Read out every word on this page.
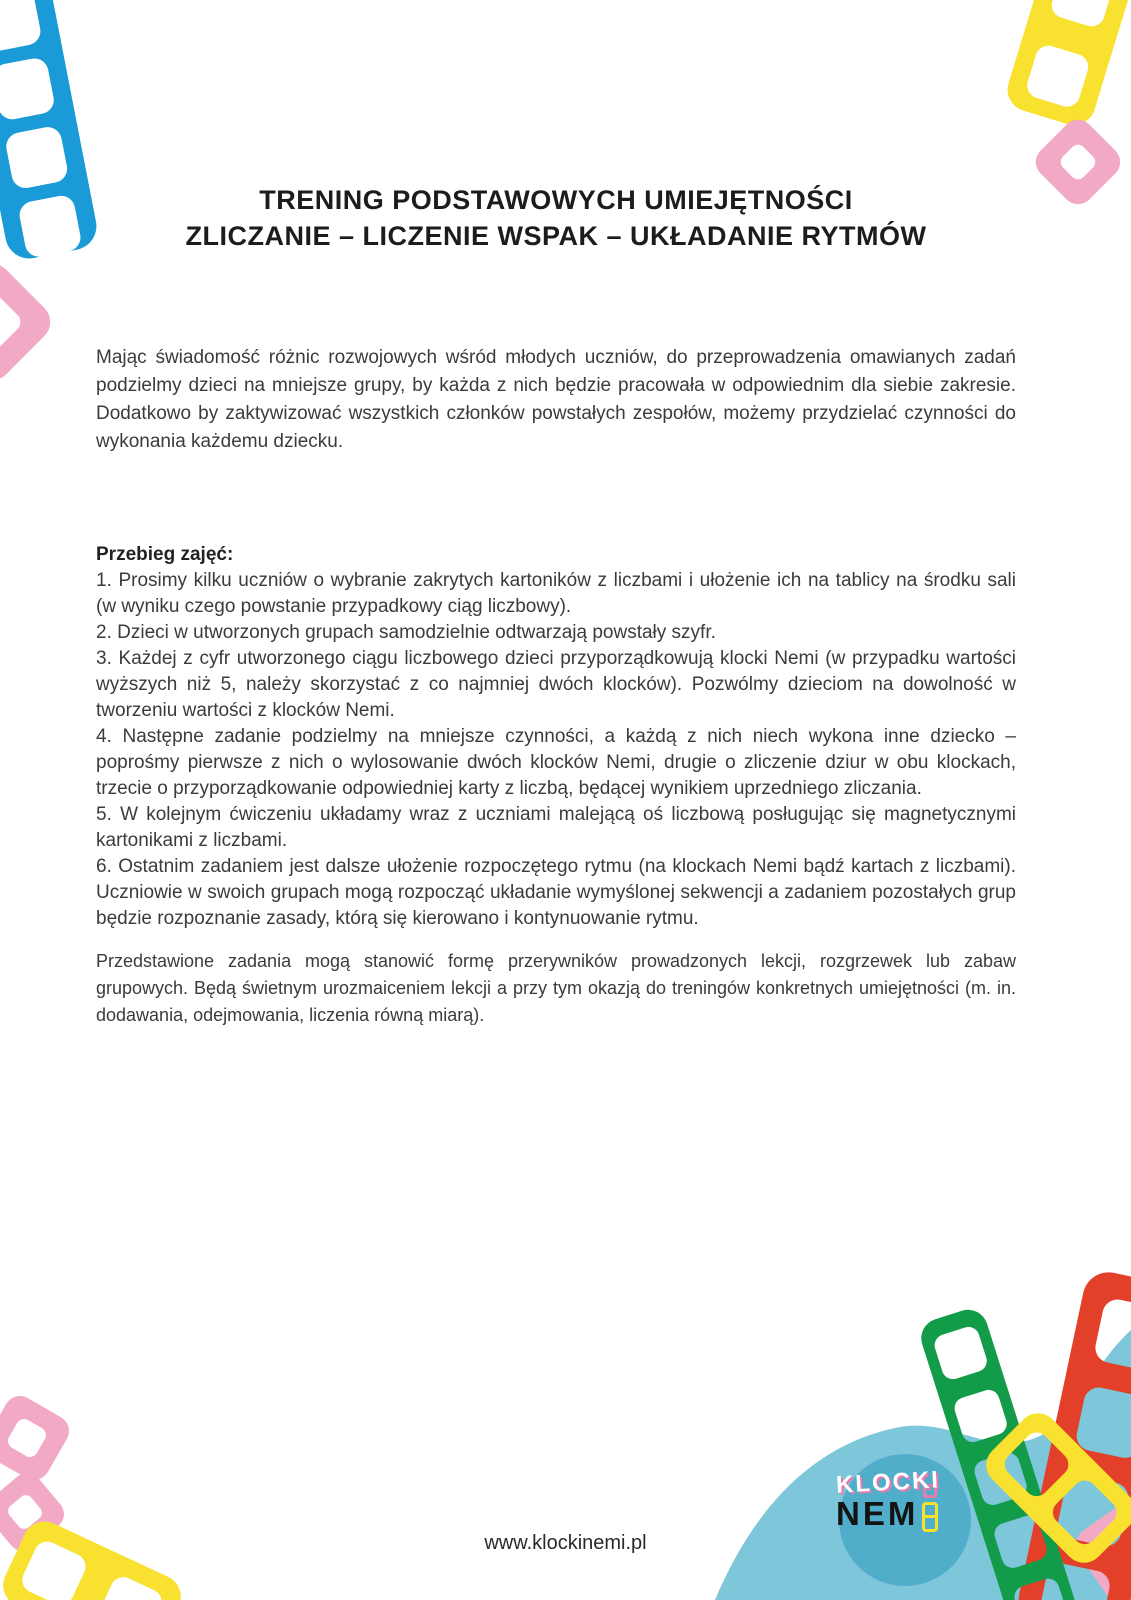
KLOCKI
NEM
TRENING PODSTAWOWYCH UMIEJĘTNOŚCI
ZLICZANIE – LICZENIE WSPAK – UKŁADANIE RYTMÓW

Mając świadomość różnic rozwojowych wśród młodych uczniów, do przeprowadzenia omawianych zadań podzielmy dzieci na mniejsze grupy, by każda z nich będzie pracowała w odpowiednim dla siebie zakresie. Dodatkowo by zaktywizować wszystkich członków powstałych zespołów, możemy przydzielać czynności do wykonania każdemu dziecku.

Przebieg zajęć:

1. Prosimy kilku uczniów o wybranie zakrytych kartoników z liczbami i ułożenie ich na tablicy na środku sali (w wyniku czego powstanie przypadkowy ciąg liczbowy).

2. Dzieci w utworzonych grupach samodzielnie odtwarzają powstały szyfr.

3. Każdej z cyfr utworzonego ciągu liczbowego dzieci przyporządkowują klocki Nemi (w przypadku wartości wyższych niż 5, należy skorzystać z co najmniej dwóch klocków). Pozwólmy dzieciom na dowolność w tworzeniu wartości z klocków Nemi.

4. Następne zadanie podzielmy na mniejsze czynności, a każdą z nich niech wykona inne dziecko – poprośmy pierwsze z nich o wylosowanie dwóch klocków Nemi, drugie o zliczenie dziur w obu klockach, trzecie o przyporządkowanie odpowiedniej karty z liczbą, będącej wynikiem uprzedniego zliczania.

5. W kolejnym ćwiczeniu układamy wraz z uczniami malejącą oś liczbową posługując się magnetycznymi kartonikami z liczbami.

6. Ostatnim zadaniem jest dalsze ułożenie rozpoczętego rytmu (na klockach Nemi bądź kartach z liczbami). Uczniowie w swoich grupach mogą rozpocząć układanie wymyślonej sekwencji a zadaniem pozostałych grup będzie rozpoznanie zasady, którą się kierowano i kontynuowanie rytmu.

Przedstawione zadania mogą stanowić formę przerywników prowadzonych lekcji, rozgrzewek lub zabaw grupowych. Będą świetnym urozmaiceniem lekcji a przy tym okazją do treningów konkretnych umiejętności (m. in. dodawania, odejmowania, liczenia równą miarą).

www.klockinemi.pl
